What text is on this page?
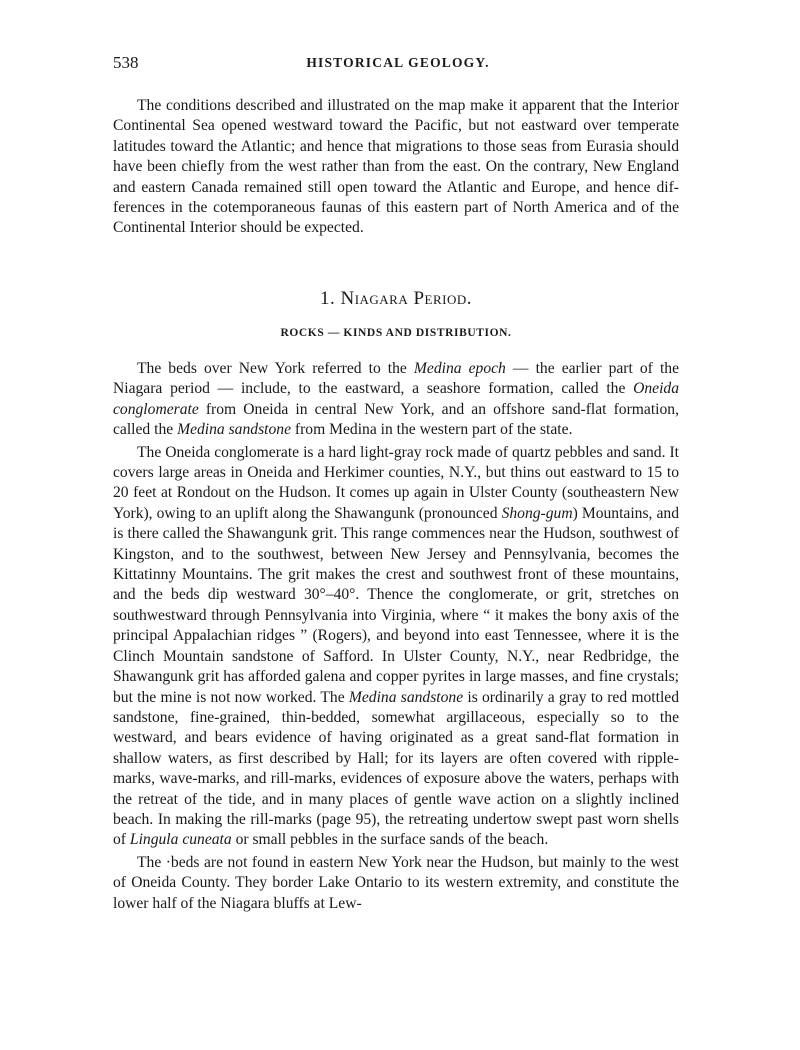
538	HISTORICAL GEOLOGY.

The conditions described and illustrated on the map make it apparent that the Interior Continental Sea opened westward toward the Pacific, but not eastward over temperate latitudes toward the Atlantic; and hence that migrations to those seas from Eurasia should have been chiefly from the west rather than from the east. On the contrary, New England and eastern Canada remained still open toward the Atlantic and Europe, and hence differences in the cotemporaneous faunas of this eastern part of North America and of the Continental Interior should be expected.

1. Niagara Period.
ROCKS — KINDS AND DISTRIBUTION.

The beds over New York referred to the Medina epoch — the earlier part of the Niagara period — include, to the eastward, a seashore formation, called the Oneida conglomerate from Oneida in central New York, and an offshore sand-flat formation, called the Medina sandstone from Medina in the western part of the state.

The Oneida conglomerate is a hard light-gray rock made of quartz pebbles and sand. It covers large areas in Oneida and Herkimer counties, N.Y., but thins out eastward to 15 to 20 feet at Rondout on the Hudson. It comes up again in Ulster County (southeastern New York), owing to an uplift along the Shawangunk (pronounced Shong-gum) Mountains, and is there called the Shawangunk grit. This range commences near the Hudson, southwest of Kingston, and to the southwest, between New Jersey and Pennsylvania, becomes the Kittatinny Mountains. The grit makes the crest and southwest front of these mountains, and the beds dip westward 30°–40°. Thence the conglomerate, or grit, stretches on southwestward through Pennsylvania into Virginia, where “ it makes the bony axis of the principal Appalachian ridges ” (Rogers), and beyond into east Tennessee, where it is the Clinch Mountain sandstone of Safford. In Ulster County, N.Y., near Redbridge, the Shawangunk grit has afforded galena and copper pyrites in large masses, and fine crystals; but the mine is not now worked. The Medina sandstone is ordinarily a gray to red mottled sandstone, fine-grained, thin-bedded, somewhat argillaceous, especially so to the westward, and bears evidence of having originated as a great sand-flat formation in shallow waters, as first described by Hall; for its layers are often covered with ripple-marks, wave-marks, and rill-marks, evidences of exposure above the waters, perhaps with the retreat of the tide, and in many places of gentle wave action on a slightly inclined beach. In making the rill-marks (page 95), the retreating undertow swept past worn shells of Lingula cuneata or small pebbles in the surface sands of the beach.

The ·beds are not found in eastern New York near the Hudson, but mainly to the west of Oneida County. They border Lake Ontario to its western extremity, and constitute the lower half of the Niagara bluffs at Lew-
